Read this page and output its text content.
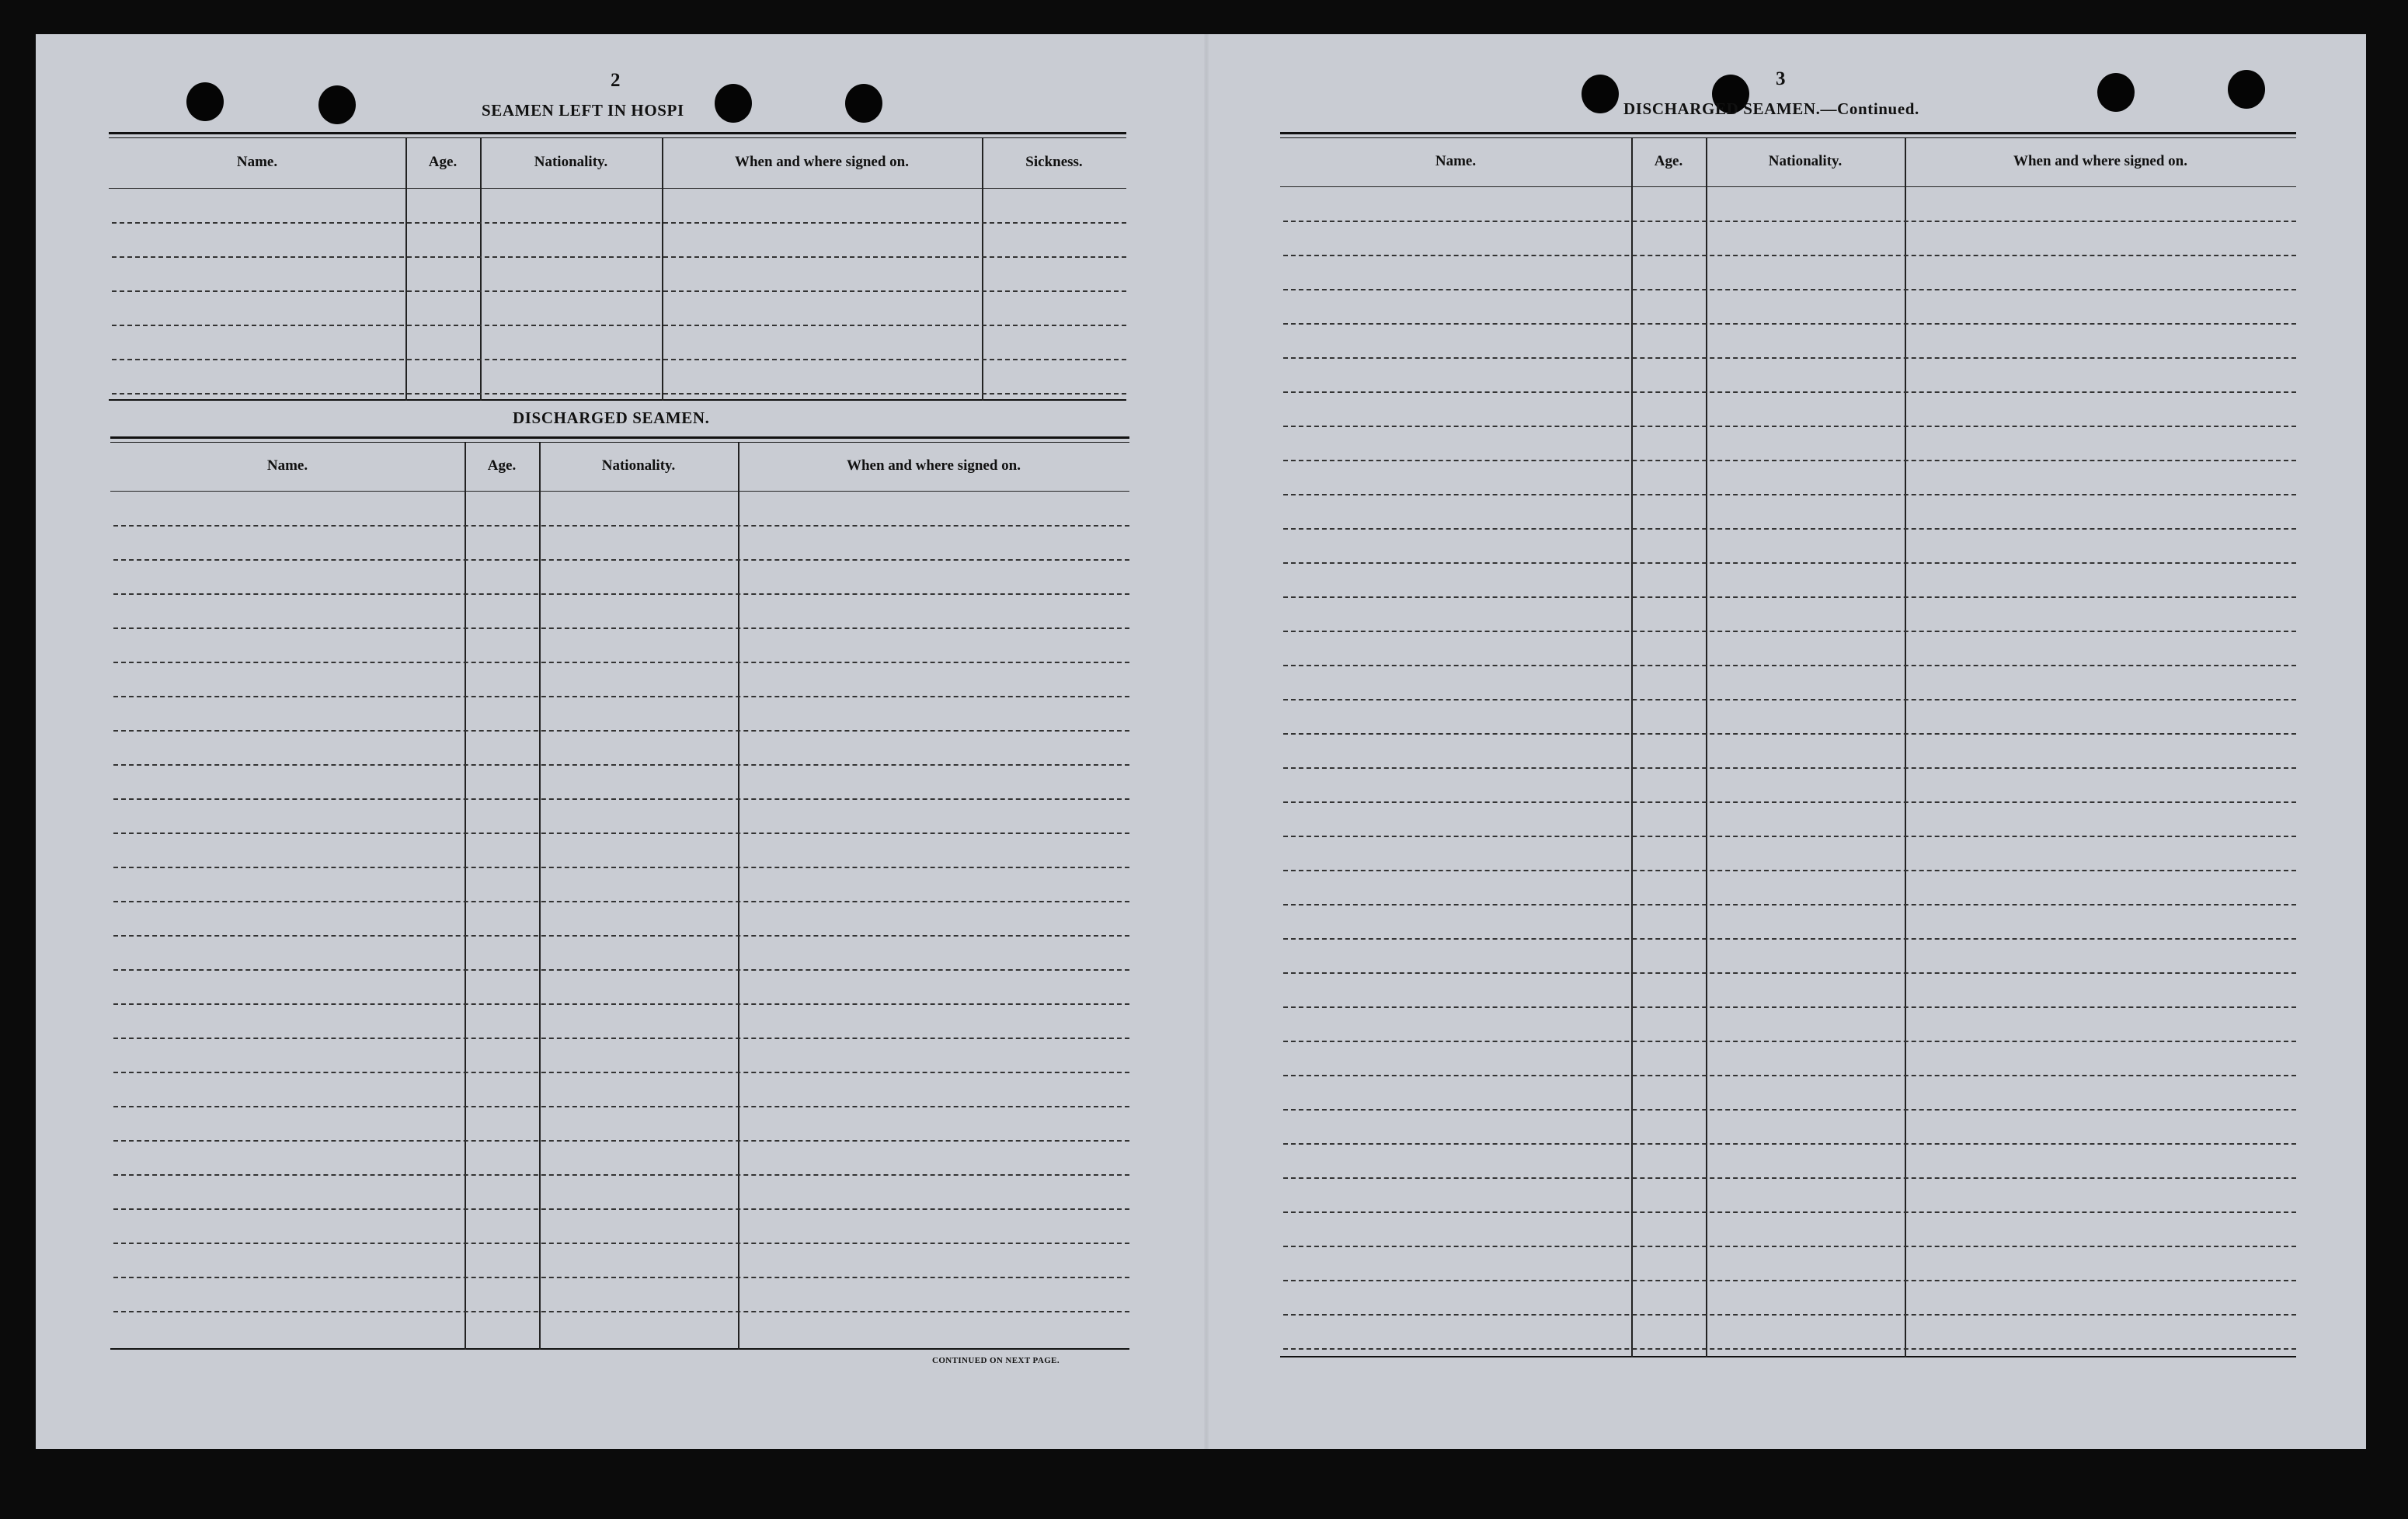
2
SEAMEN LEFT IN HOSPI
Name.	Age.	Nationality.	When and where signed on.	Sickness.
DISCHARGED SEAMEN.
Name.	Age.	Nationality.	When and where signed on.
CONTINUED ON NEXT PAGE.
3
DISCHARGED SEAMEN.—Continued.
Name.	Age.	Nationality.	When and where signed on.
